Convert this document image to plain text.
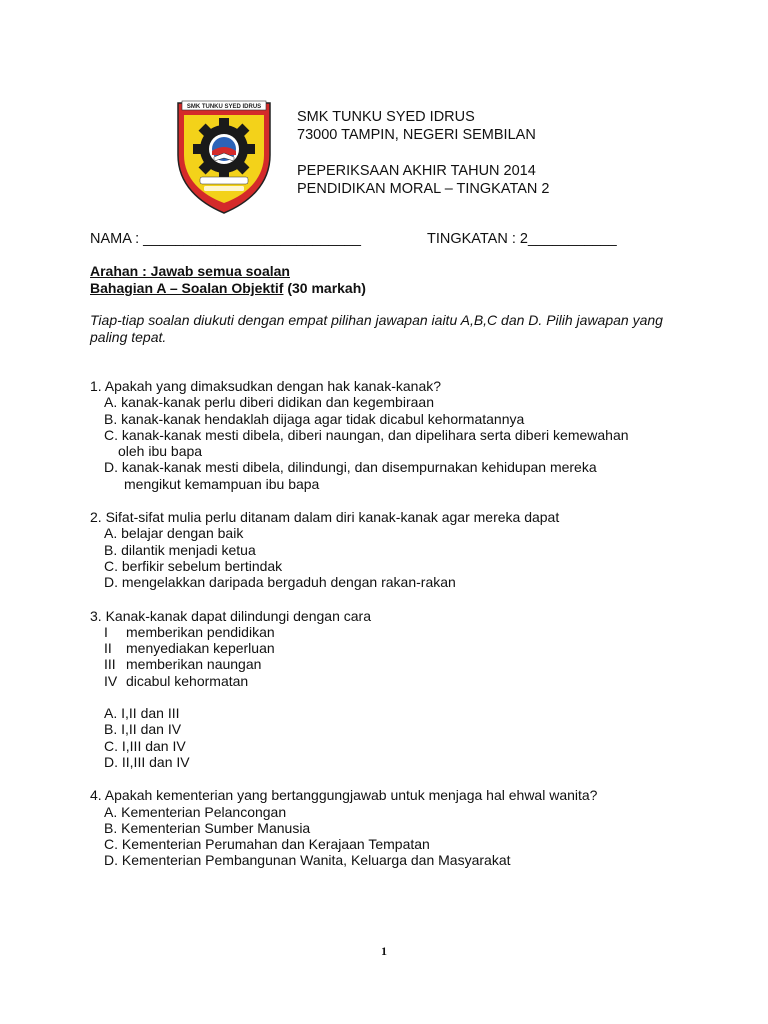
SMK TUNKU SYED IDRUS
SMK TUNKU SYED IDRUS
73000 TAMPIN, NEGERI SEMBILAN
PEPERIKSAAN AKHIR TAHUN 2014
PENDIDIKAN MORAL – TINGKATAN 2
NAMA : ___________________________	TINGKATAN : 2___________
Arahan : Jawab semua soalan
Bahagian A – Soalan Objektif (30 markah)
Tiap-tiap soalan diukuti dengan empat pilihan jawapan iaitu A,B,C dan D. Pilih jawapan yang paling tepat.
1. Apakah yang dimaksudkan dengan hak kanak-kanak?
A. kanak-kanak perlu diberi didikan dan kegembiraan
B. kanak-kanak hendaklah dijaga agar tidak dicabul kehormatannya
C. kanak-kanak mesti dibela, diberi naungan, dan dipelihara serta diberi kemewahan
oleh ibu bapa
D. kanak-kanak mesti dibela, dilindungi, dan disempurnakan kehidupan mereka
mengikut kemampuan ibu bapa
2. Sifat-sifat mulia perlu ditanam dalam diri kanak-kanak agar mereka dapat
A. belajar dengan baik
B. dilantik menjadi ketua
C. berfikir sebelum bertindak
D. mengelakkan daripada bergaduh dengan rakan-rakan
3. Kanak-kanak dapat dilindungi dengan cara
I	memberikan pendidikan
II	menyediakan keperluan
III memberikan naungan
IV dicabul kehormatan
A. I,II dan III
B. I,II dan IV
C. I,III dan IV
D. II,III dan IV
4. Apakah kementerian yang bertanggungjawab untuk menjaga hal ehwal wanita?
A. Kementerian Pelancongan
B. Kementerian Sumber Manusia
C. Kementerian Perumahan dan Kerajaan Tempatan
D. Kementerian Pembangunan Wanita, Keluarga dan Masyarakat
1
